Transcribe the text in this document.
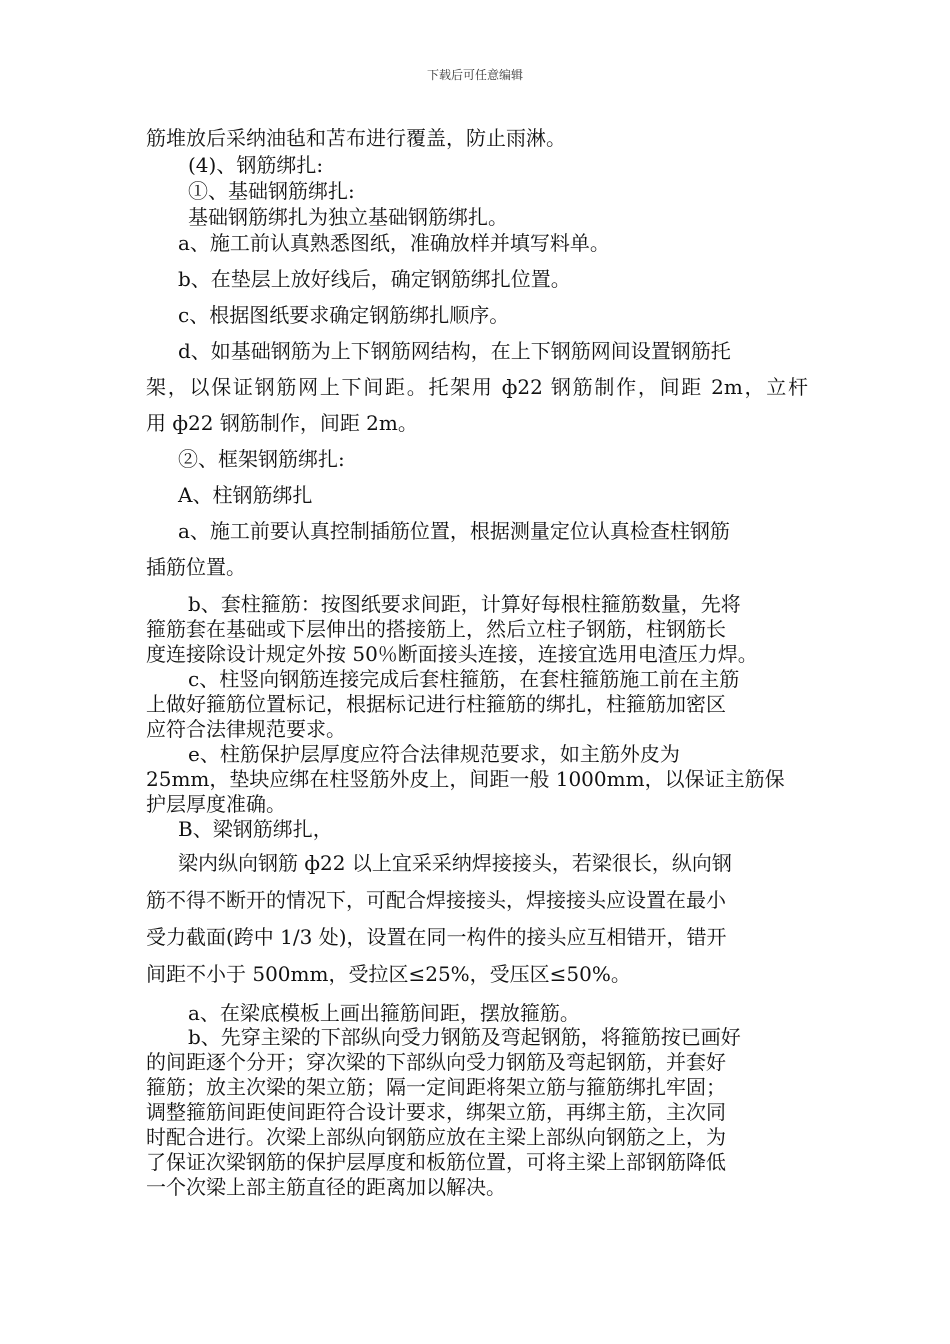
下载后可任意编辑
筋堆放后采纳油毡和苫布进行覆盖，防止雨淋。
(4)、钢筋绑扎:
①、基础钢筋绑扎:
基础钢筋绑扎为独立基础钢筋绑扎。
a、施工前认真熟悉图纸，准确放样并填写料单。
b、在垫层上放好线后，确定钢筋绑扎位置。
c、根据图纸要求确定钢筋绑扎顺序。
d、如基础钢筋为上下钢筋网结构，在上下钢筋网间设置钢筋托
架，以保证钢筋网上下间距。托架用 ф22 钢筋制作，间距 2m，立杆
用 ф22 钢筋制作，间距 2m。
②、框架钢筋绑扎:
A、柱钢筋绑扎
a、施工前要认真控制插筋位置，根据测量定位认真检查柱钢筋
插筋位置。
b、套柱箍筋：按图纸要求间距，计算好每根柱箍筋数量，先将
箍筋套在基础或下层伸出的搭接筋上，然后立柱子钢筋，柱钢筋长
度连接除设计规定外按 50％断面接头连接，连接宜选用电渣压力焊。
c、柱竖向钢筋连接完成后套柱箍筋，在套柱箍筋施工前在主筋
上做好箍筋位置标记，根据标记进行柱箍筋的绑扎，柱箍筋加密区
应符合法律规范要求。
e、柱筋保护层厚度应符合法律规范要求，如主筋外皮为
25mm，垫块应绑在柱竖筋外皮上，间距一般 1000mm，以保证主筋保
护层厚度准确。
B、梁钢筋绑扎，
梁内纵向钢筋 ф22 以上宜采采纳焊接接头，若梁很长，纵向钢
筋不得不断开的情况下，可配合焊接接头，焊接接头应设置在最小
受力截面(跨中 1/3 处)，设置在同一构件的接头应互相错开，错开
间距不小于 500mm，受拉区≤25%，受压区≤50%。
a、在梁底模板上画出箍筋间距，摆放箍筋。
b、先穿主梁的下部纵向受力钢筋及弯起钢筋，将箍筋按已画好
的间距逐个分开；穿次梁的下部纵向受力钢筋及弯起钢筋，并套好
箍筋；放主次梁的架立筋；隔一定间距将架立筋与箍筋绑扎牢固；
调整箍筋间距使间距符合设计要求，绑架立筋，再绑主筋，主次同
时配合进行。次梁上部纵向钢筋应放在主梁上部纵向钢筋之上，为
了保证次梁钢筋的保护层厚度和板筋位置，可将主梁上部钢筋降低
一个次梁上部主筋直径的距离加以解决。
